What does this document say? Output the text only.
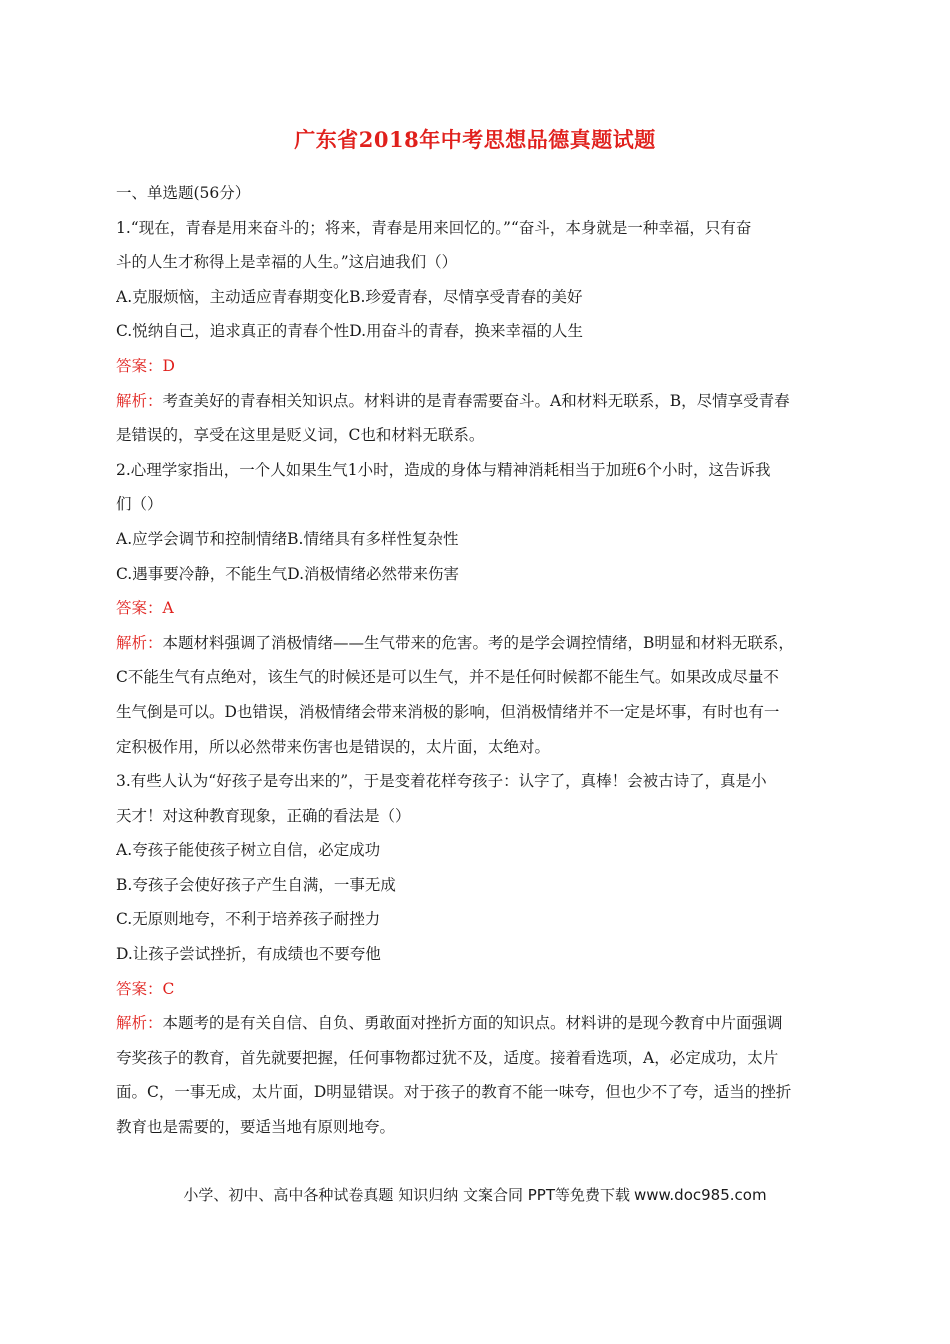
广东省2018年中考思想品德真题试题
一、单选题(56分）
1.“现在，青春是用来奋斗的；将来，青春是用来回忆的。”“奋斗，本身就是一种幸福，只有奋
斗的人生才称得上是幸福的人生。”这启迪我们（）
A.克服烦恼，主动适应青春期变化B.珍爱青春，尽情享受青春的美好
C.悦纳自己，追求真正的青春个性D.用奋斗的青春，换来幸福的人生
答案：D
解析：考查美好的青春相关知识点。材料讲的是青春需要奋斗。A和材料无联系，B，尽情享受青春
是错误的，享受在这里是贬义词，C也和材料无联系。
2.心理学家指出，一个人如果生气1小时，造成的身体与精神消耗相当于加班6个小时，这告诉我
们（）
A.应学会调节和控制情绪B.情绪具有多样性复杂性
C.遇事要冷静，不能生气D.消极情绪必然带来伤害
答案：A
解析：本题材料强调了消极情绪——生气带来的危害。考的是学会调控情绪，B明显和材料无联系，
C不能生气有点绝对，该生气的时候还是可以生气，并不是任何时候都不能生气。如果改成尽量不
生气倒是可以。D也错误，消极情绪会带来消极的影响，但消极情绪并不一定是坏事，有时也有一
定积极作用，所以必然带来伤害也是错误的，太片面，太绝对。
3.有些人认为“好孩子是夸出来的”，于是变着花样夸孩子：认字了，真棒！会被古诗了，真是小
天才！对这种教育现象，正确的看法是（）
A.夸孩子能使孩子树立自信，必定成功
B.夸孩子会使好孩子产生自满，一事无成
C.无原则地夸，不利于培养孩子耐挫力
D.让孩子尝试挫折，有成绩也不要夸他
答案：C
解析：本题考的是有关自信、自负、勇敢面对挫折方面的知识点。材料讲的是现今教育中片面强调
夸奖孩子的教育，首先就要把握，任何事物都过犹不及，适度。接着看选项，A，必定成功，太片
面。C，一事无成，太片面，D明显错误。对于孩子的教育不能一味夸，但也少不了夸，适当的挫折
教育也是需要的，要适当地有原则地夸。
小学、初中、高中各种试卷真题 知识归纳 文案合同 PPT等免费下载 www.doc985.com
